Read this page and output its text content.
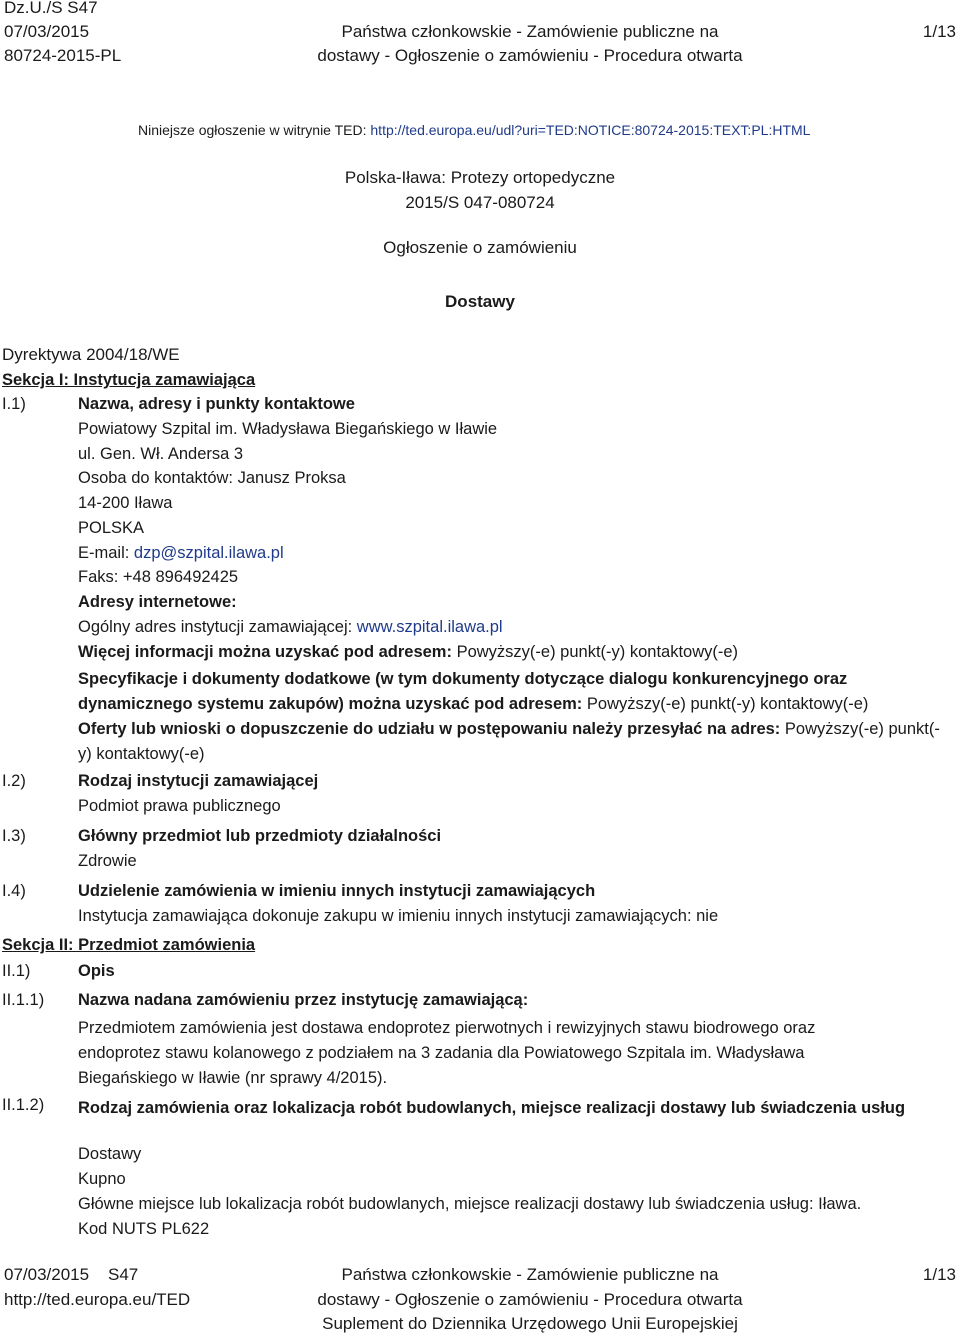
Dz.U./S S47
07/03/2015
80724-2015-PL
Państwa członkowskie - Zamówienie publiczne na
dostawy - Ogłoszenie o zamówieniu - Procedura otwarta
1/13
Niniejsze ogłoszenie w witrynie TED: http://ted.europa.eu/udl?uri=TED:NOTICE:80724-2015:TEXT:PL:HTML
Polska-Iława: Protezy ortopedyczne
2015/S 047-080724
Ogłoszenie o zamówieniu
Dostawy
Dyrektywa 2004/18/WE
Sekcja I: Instytucja zamawiająca
I.1)	Nazwa, adresy i punkty kontaktowe
Powiatowy Szpital im. Władysława Biegańskiego w Iławie
ul. Gen. Wł. Andersa 3
Osoba do kontaktów: Janusz Proksa
14-200 Iława
POLSKA
E-mail: dzp@szpital.ilawa.pl
Faks: +48 896492425
Adresy internetowe:
Ogólny adres instytucji zamawiającej: www.szpital.ilawa.pl
Więcej informacji można uzyskać pod adresem: Powyższy(-e) punkt(-y) kontaktowy(-e)
Specyfikacje i dokumenty dodatkowe (w tym dokumenty dotyczące dialogu konkurencyjnego oraz dynamicznego systemu zakupów) można uzyskać pod adresem: Powyższy(-e) punkt(-y) kontaktowy(-e)
Oferty lub wnioski o dopuszczenie do udziału w postępowaniu należy przesyłać na adres: Powyższy(-e) punkt(-y) kontaktowy(-e)
I.2)	Rodzaj instytucji zamawiającej
Podmiot prawa publicznego
I.3)	Główny przedmiot lub przedmioty działalności
Zdrowie
I.4)	Udzielenie zamówienia w imieniu innych instytucji zamawiających
Instytucja zamawiająca dokonuje zakupu w imieniu innych instytucji zamawiających: nie
Sekcja II: Przedmiot zamówienia
II.1)	Opis
II.1.1) Nazwa nadana zamówieniu przez instytucję zamawiającą:
Przedmiotem zamówienia jest dostawa endoprotez pierwotnych i rewizyjnych stawu biodrowego oraz endoprotez stawu kolanowego z podziałem na 3 zadania dla Powiatowego Szpitala im. Władysława Biegańskiego w Iławie (nr sprawy 4/2015).
II.1.2) Rodzaj zamówienia oraz lokalizacja robót budowlanych, miejsce realizacji dostawy lub świadczenia usług
Dostawy
Kupno
Główne miejsce lub lokalizacja robót budowlanych, miejsce realizacji dostawy lub świadczenia usług: Iława.
Kod NUTS PL622
07/03/2015    S47
http://ted.europa.eu/TED
Państwa członkowskie - Zamówienie publiczne na
dostawy - Ogłoszenie o zamówieniu - Procedura otwarta
Suplement do Dziennika Urzędowego Unii Europejskiej
1/13
